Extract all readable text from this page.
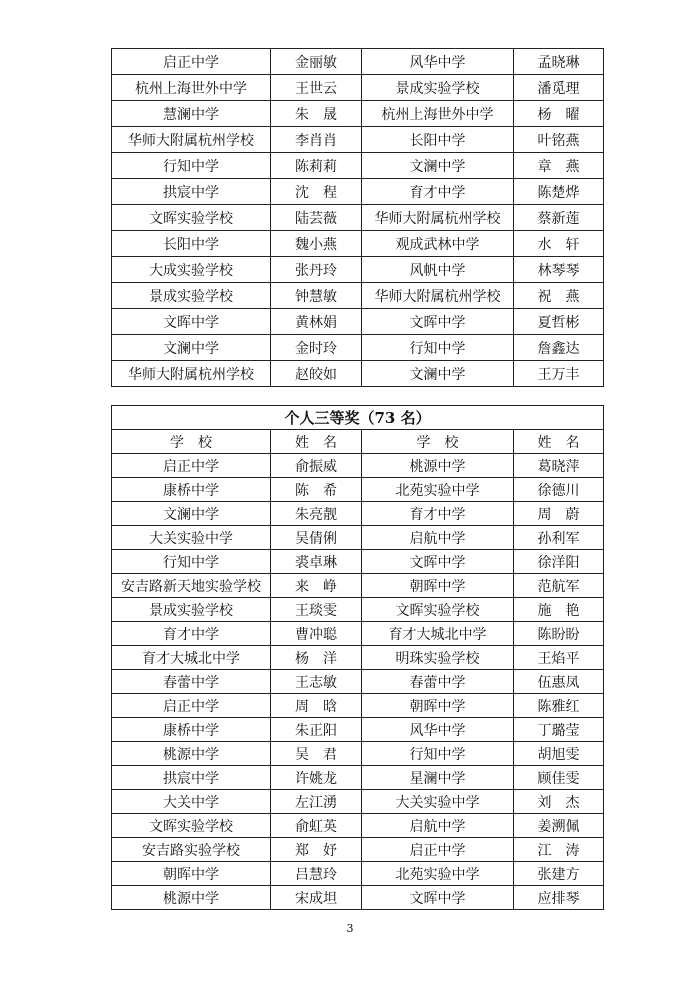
启正中学	金丽敏	风华中学	孟晓琳
杭州上海世外中学	王世云	景成实验学校	潘觅理
慧澜中学	朱　晟	杭州上海世外中学	杨　曜
华师大附属杭州学校	李肖肖	长阳中学	叶铭燕
行知中学	陈莉莉	文澜中学	章　燕
拱宸中学	沈　程	育才中学	陈楚烨
文晖实验学校	陆芸薇	华师大附属杭州学校	蔡新莲
长阳中学	魏小燕	观成武林中学	水　轩
大成实验学校	张丹玲	风帆中学	林琴琴
景成实验学校	钟慧敏	华师大附属杭州学校	祝　燕
文晖中学	黄林娟	文晖中学	夏哲彬
文澜中学	金时玲	行知中学	詹鑫达
华师大附属杭州学校	赵皎如	文澜中学	王万丰
个人三等奖（73 名）			
学　校	姓　名	学　校	姓　名
启正中学	俞振威	桃源中学	葛晓萍
康桥中学	陈　希	北苑实验中学	徐德川
文澜中学	朱亮靓	育才中学	周　蔚
大关实验中学	吴倩俐	启航中学	孙利军
行知中学	裘卓琳	文晖中学	徐洋阳
安吉路新天地实验学校	来　峥	朝晖中学	范航军
景成实验学校	王琰雯	文晖实验学校	施　艳
育才中学	曹冲聪	育才大城北中学	陈盼盼
育才大城北中学	杨　洋	明珠实验学校	王焰平
春蕾中学	王志敏	春蕾中学	伍惠凤
启正中学	周　晗	朝晖中学	陈雅红
康桥中学	朱正阳	风华中学	丁璐莹
桃源中学	吴　君	行知中学	胡旭雯
拱宸中学	许姚龙	星澜中学	顾佳雯
大关中学	左江湧	大关实验中学	刘　杰
文晖实验学校	俞虹英	启航中学	姜溯佩
安吉路实验学校	郑　妤	启正中学	江　涛
朝晖中学	吕慧玲	北苑实验中学	张建方
桃源中学	宋成坦	文晖中学	应排琴
3
